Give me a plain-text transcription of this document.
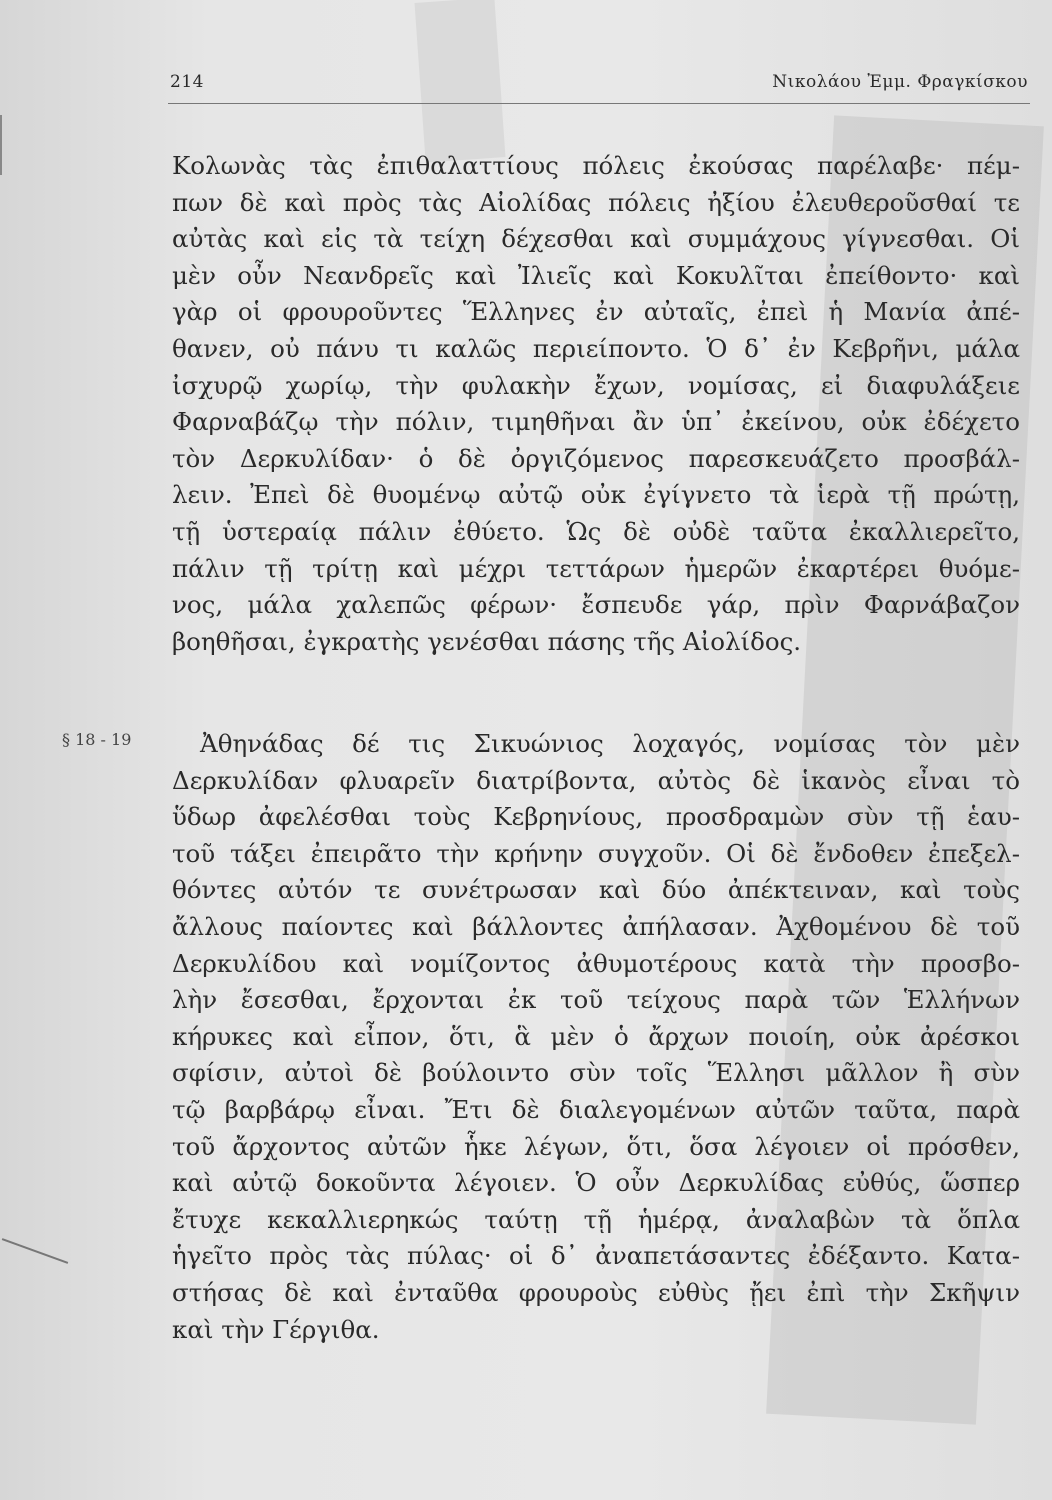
214	Νικολάου Ἐμμ. Φραγκίσκου
Κολωνὰς τὰς ἐπιθαλαττίους πόλεις ἐκούσας παρέλαβε· πέμ-
πων δὲ καὶ πρὸς τὰς Αἰολίδας πόλεις ἠξίου ἐλευθεροῦσθαί τε
αὐτὰς καὶ εἰς τὰ τείχη δέχεσθαι καὶ συμμάχους γίγνεσθαι. Οἱ
μὲν οὖν Νεανδρεῖς καὶ Ἰλιεῖς καὶ Κοκυλῖται ἐπείθοντο· καὶ
γὰρ οἱ φρουροῦντες Ἕλληνες ἐν αὐταῖς, ἐπεὶ ἡ Μανία ἀπέ-
θανεν, οὐ πάνυ τι καλῶς περιείποντο. Ὁ δ᾽ ἐν Κεβρῆνι, μάλα
ἰσχυρῷ χωρίῳ, τὴν φυλακὴν ἔχων, νομίσας, εἰ διαφυλάξειε
Φαρναβάζῳ τὴν πόλιν, τιμηθῆναι ἂν ὑπ᾽ ἐκείνου, οὐκ ἐδέχετο
τὸν Δερκυλίδαν· ὁ δὲ ὀργιζόμενος παρεσκευάζετο προσβάλ-
λειν. Ἐπεὶ δὲ θυομένῳ αὐτῷ οὐκ ἐγίγνετο τὰ ἱερὰ τῇ πρώτῃ,
τῇ ὑστεραίᾳ πάλιν ἐθύετο. Ὡς δὲ οὐδὲ ταῦτα ἐκαλλιερεῖτο,
πάλιν τῇ τρίτῃ καὶ μέχρι τεττάρων ἡμερῶν ἐκαρτέρει θυόμε-
νος, μάλα χαλεπῶς φέρων· ἔσπευδε γάρ, πρὶν Φαρνάβαζον
βοηθῆσαι, ἐγκρατὴς γενέσθαι πάσης τῆς Αἰολίδος.
§ 18 - 19	Ἀθηνάδας δέ τις Σικυώνιος λοχαγός, νομίσας τὸν μὲν
Δερκυλίδαν φλυαρεῖν διατρίβοντα, αὐτὸς δὲ ἱκανὸς εἶναι τὸ
ὕδωρ ἀφελέσθαι τοὺς Κεβρηνίους, προσδραμὼν σὺν τῇ ἑαυ-
τοῦ τάξει ἐπειρᾶτο τὴν κρήνην συγχοῦν. Οἱ δὲ ἔνδοθεν ἐπεξελ-
θόντες αὐτόν τε συνέτρωσαν καὶ δύο ἀπέκτειναν, καὶ τοὺς
ἄλλους παίοντες καὶ βάλλοντες ἀπήλασαν. Ἀχθομένου δὲ τοῦ
Δερκυλίδου καὶ νομίζοντος ἀθυμοτέρους κατὰ τὴν προσβο-
λὴν ἔσεσθαι, ἔρχονται ἐκ τοῦ τείχους παρὰ τῶν Ἑλλήνων
κήρυκες καὶ εἶπον, ὅτι, ἃ μὲν ὁ ἄρχων ποιοίη, οὐκ ἀρέσκοι
σφίσιν, αὐτοὶ δὲ βούλοιντο σὺν τοῖς Ἕλλησι μᾶλλον ἢ σὺν
τῷ βαρβάρῳ εἶναι. Ἔτι δὲ διαλεγομένων αὐτῶν ταῦτα, παρὰ
τοῦ ἄρχοντος αὐτῶν ἧκε λέγων, ὅτι, ὅσα λέγοιεν οἱ πρόσθεν,
καὶ αὐτῷ δοκοῦντα λέγοιεν. Ὁ οὖν Δερκυλίδας εὐθύς, ὥσπερ
ἔτυχε κεκαλλιερηκώς ταύτῃ τῇ ἡμέρᾳ, ἀναλαβὼν τὰ ὅπλα
ἡγεῖτο πρὸς τὰς πύλας· οἱ δ᾽ ἀναπετάσαντες ἐδέξαντο. Κατα-
στήσας δὲ καὶ ἐνταῦθα φρουροὺς εὐθὺς ᾔει ἐπὶ τὴν Σκῆψιν
καὶ τὴν Γέργιθα.
